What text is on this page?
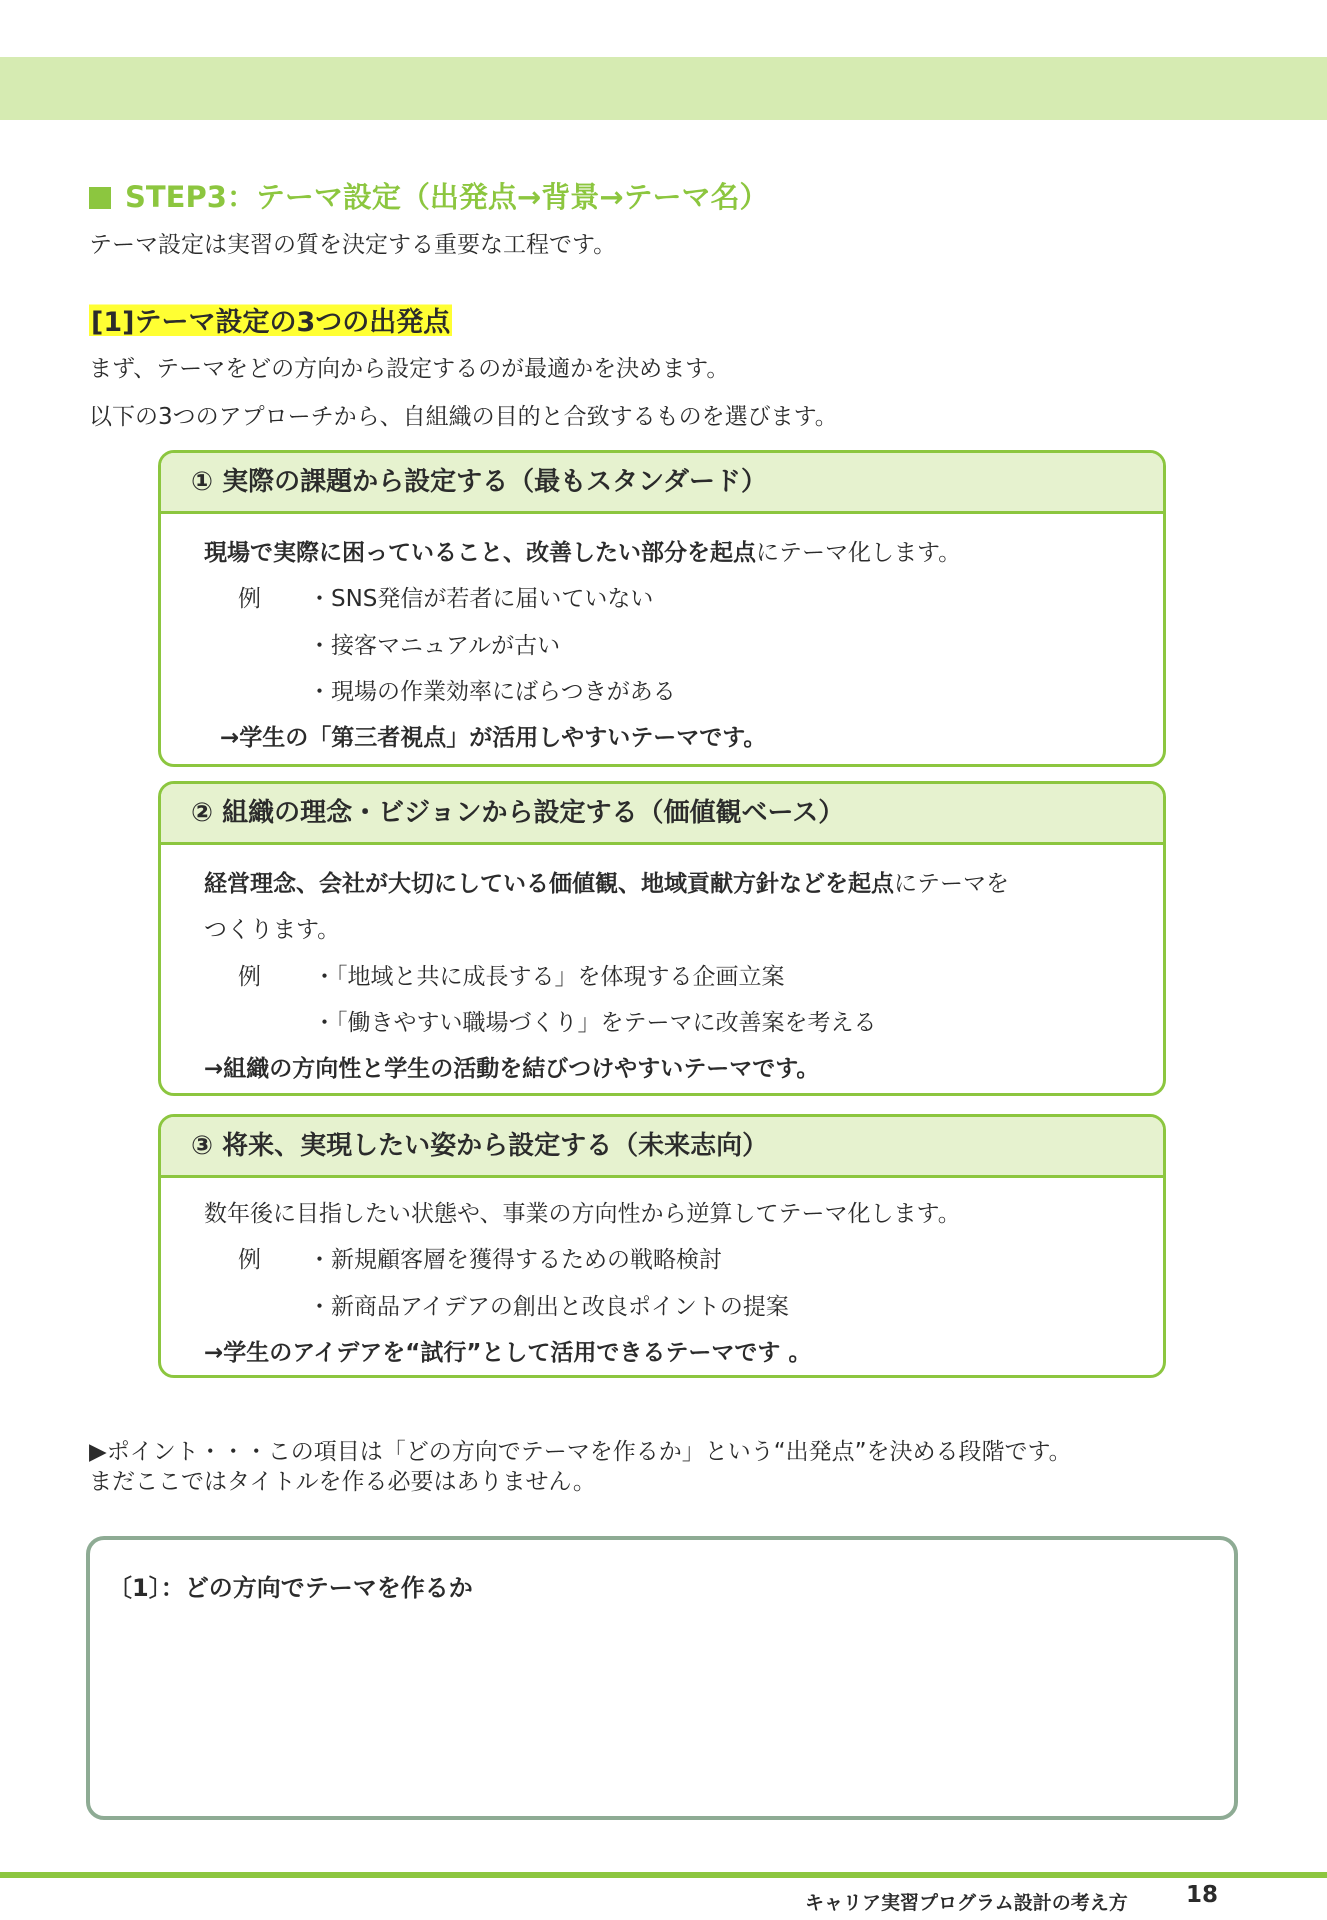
STEP3：テーマ設定（出発点→背景→テーマ名）
テーマ設定は実習の質を決定する重要な工程です。
[1]テーマ設定の3つの出発点
まず、テーマをどの方向から設定するのが最適かを決めます。
以下の3つのアプローチから、自組織の目的と合致するものを選びます。
① 実際の課題から設定する（最もスタンダード）
現場で実際に困っていること、改善したい部分を起点にテーマ化します。
例 ・SNS発信が若者に届いていない
・接客マニュアルが古い
・現場の作業効率にばらつきがある
→学生の「第三者視点」が活用しやすいテーマです。
② 組織の理念・ビジョンから設定する（価値観ベース）
経営理念、会社が大切にしている価値観、地域貢献方針などを起点にテーマを
つくります。
例 ・「地域と共に成長する」を体現する企画立案
・「働きやすい職場づくり」をテーマに改善案を考える
→組織の方向性と学生の活動を結びつけやすいテーマです。
③ 将来、実現したい姿から設定する（未来志向）
数年後に目指したい状態や、事業の方向性から逆算してテーマ化します。
例 ・新規顧客層を獲得するための戦略検討
・新商品アイデアの創出と改良ポイントの提案
→学生のアイデアを“試行”として活用できるテーマです 。
▶ポイント・・・この項目は「どの方向でテーマを作るか」という“出発点”を決める段階です。
まだここではタイトルを作る必要はありません。
〔1〕：どの方向でテーマを作るか
キャリア実習プログラム設計の考え方	18
